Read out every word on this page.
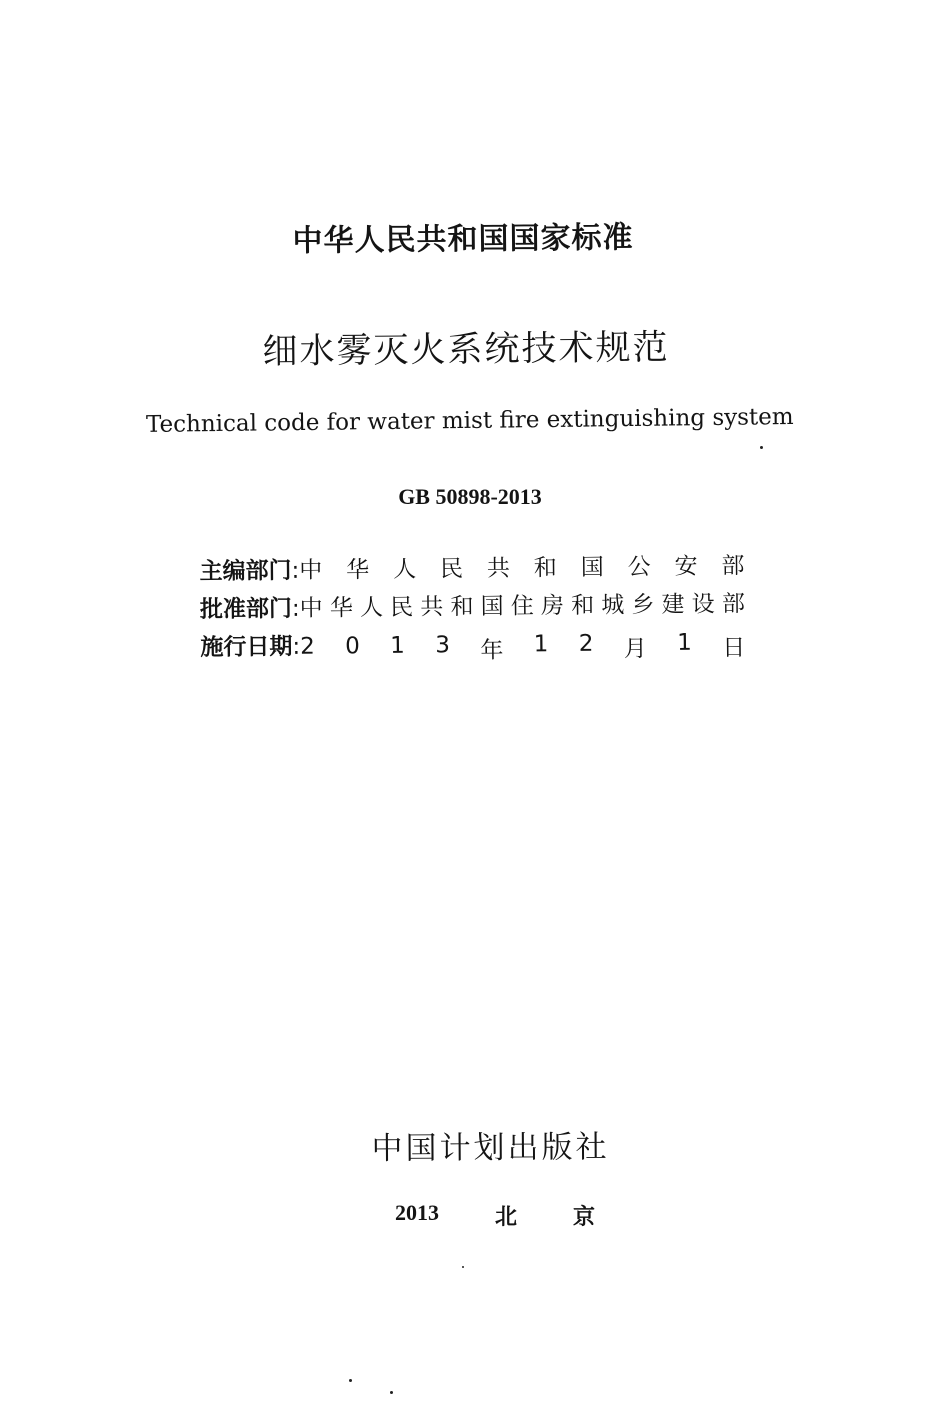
中华人民共和国国家标准
细水雾灭火系统技术规范
Technical code for water mist fire extinguishing system
GB 50898-2013
主编部门 : 中 华 人 民 共 和 国 公 安 部
批准部门 : 中 华 人 民 共 和 国 住 房 和 城 乡 建 设 部
施行日期 : 2 0 1 3 年 1 2 月 1 日
中国计划出版社
2013	北	京
